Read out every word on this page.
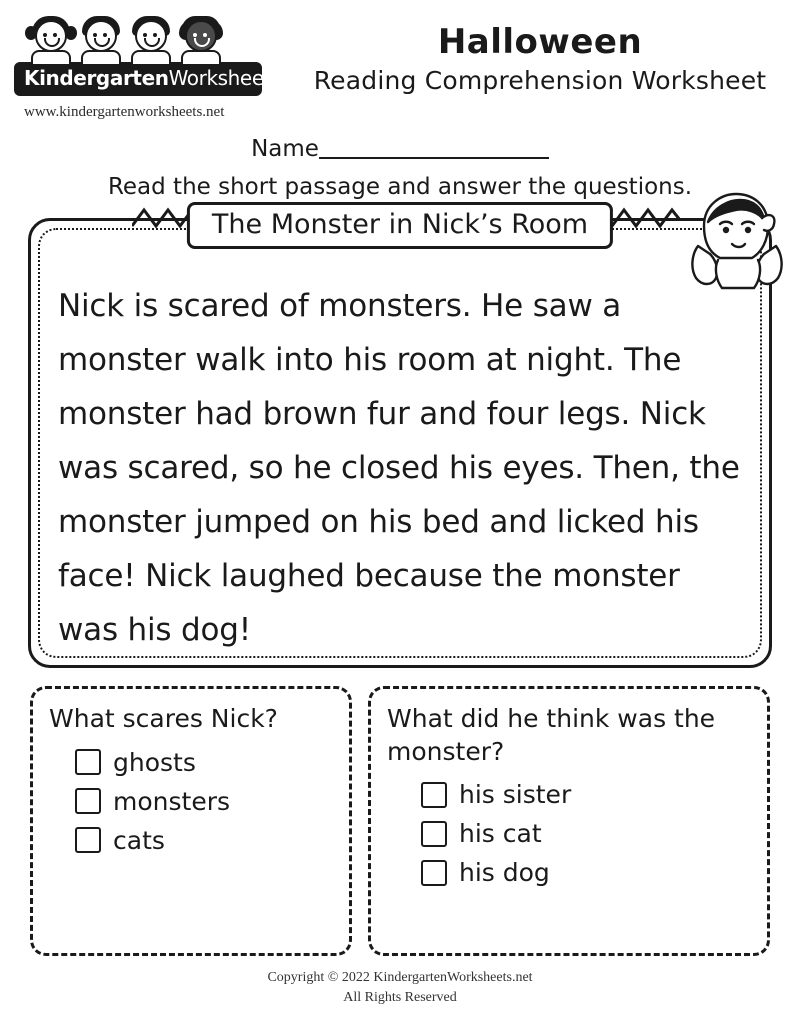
KindergartenWorksheets.net
www.kindergartenworksheets.net
Halloween
Reading Comprehension Worksheet
Name
Read the short passage and answer the questions.
The Monster in Nick’s Room
Nick is scared of monsters. He saw a monster walk into his room at night. The monster had brown fur and four legs. Nick was scared, so he closed his eyes. Then, the monster jumped on his bed and licked his face! Nick laughed because the monster was his dog!
What scares Nick?
ghosts
monsters
cats
What did he think was the monster?
his sister
his cat
his dog
Copyright © 2022 KindergartenWorksheets.net
All Rights Reserved
